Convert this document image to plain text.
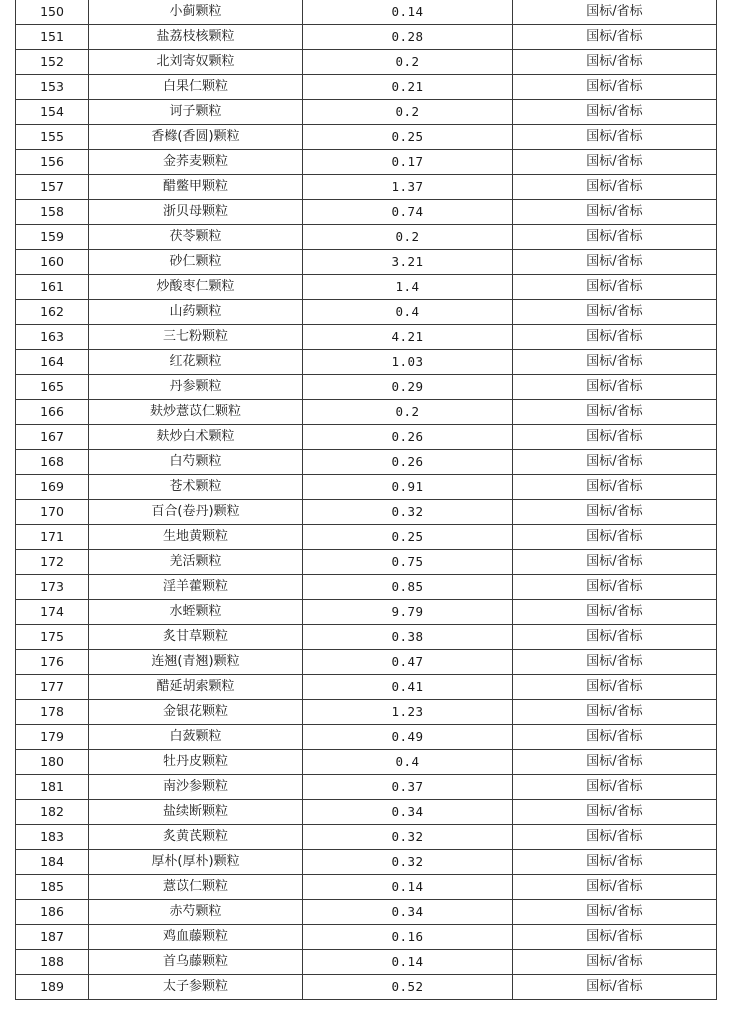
150	小蓟颗粒	0.14	国标/省标
151	盐荔枝核颗粒	0.28	国标/省标
152	北刘寄奴颗粒	0.2	国标/省标
153	白果仁颗粒	0.21	国标/省标
154	诃子颗粒	0.2	国标/省标
155	香橼(香圆)颗粒	0.25	国标/省标
156	金荞麦颗粒	0.17	国标/省标
157	醋鳖甲颗粒	1.37	国标/省标
158	浙贝母颗粒	0.74	国标/省标
159	茯苓颗粒	0.2	国标/省标
160	砂仁颗粒	3.21	国标/省标
161	炒酸枣仁颗粒	1.4	国标/省标
162	山药颗粒	0.4	国标/省标
163	三七粉颗粒	4.21	国标/省标
164	红花颗粒	1.03	国标/省标
165	丹参颗粒	0.29	国标/省标
166	麸炒薏苡仁颗粒	0.2	国标/省标
167	麸炒白术颗粒	0.26	国标/省标
168	白芍颗粒	0.26	国标/省标
169	苍术颗粒	0.91	国标/省标
170	百合(卷丹)颗粒	0.32	国标/省标
171	生地黄颗粒	0.25	国标/省标
172	羌活颗粒	0.75	国标/省标
173	淫羊藿颗粒	0.85	国标/省标
174	水蛭颗粒	9.79	国标/省标
175	炙甘草颗粒	0.38	国标/省标
176	连翘(青翘)颗粒	0.47	国标/省标
177	醋延胡索颗粒	0.41	国标/省标
178	金银花颗粒	1.23	国标/省标
179	白蔹颗粒	0.49	国标/省标
180	牡丹皮颗粒	0.4	国标/省标
181	南沙参颗粒	0.37	国标/省标
182	盐续断颗粒	0.34	国标/省标
183	炙黄芪颗粒	0.32	国标/省标
184	厚朴(厚朴)颗粒	0.32	国标/省标
185	薏苡仁颗粒	0.14	国标/省标
186	赤芍颗粒	0.34	国标/省标
187	鸡血藤颗粒	0.16	国标/省标
188	首乌藤颗粒	0.14	国标/省标
189	太子参颗粒	0.52	国标/省标
